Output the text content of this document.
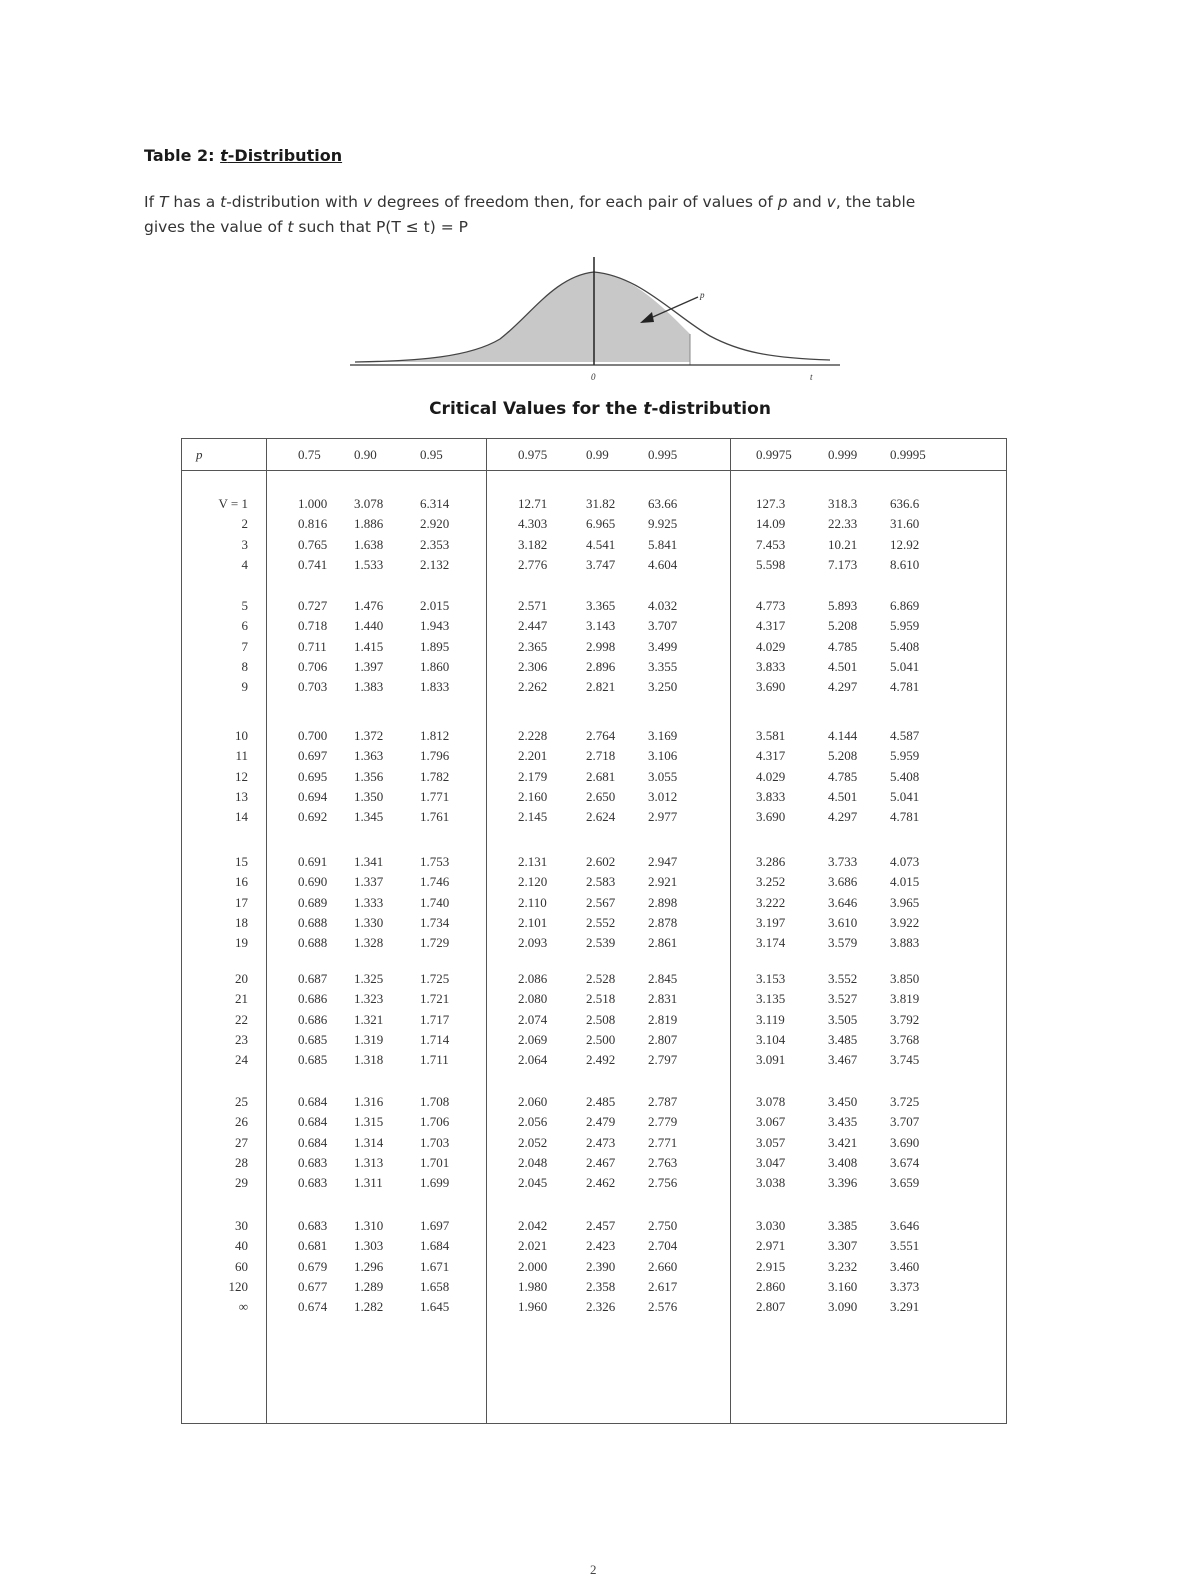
Table 2: t-Distribution
If T has a t-distribution with v degrees of freedom then, for each pair of values of p and v, the table
gives the value of t such that P(T ≤ t) = P
p
0	t
Critical Values for the t-distribution
p	0.75	0.90	0.95	0.975	0.99	0.995	0.9975	0.999	0.9995
V = 1	1.000 3.078	6.314	12.71	31.82	63.66	127.3	318.3	636.6
2	0.816 1.886	2.920	4.303	6.965	9.925	14.09	22.33	31.60
3	0.765 1.638	2.353	3.182	4.541	5.841	7.453	10.21	12.92
4	0.741 1.533	2.132	2.776	3.747	4.604	5.598	7.173	8.610
5	0.727 1.476	2.015	2.571	3.365	4.032	4.773	5.893	6.869
6	0.718 1.440	1.943	2.447	3.143	3.707	4.317	5.208	5.959
7	0.711 1.415	1.895	2.365	2.998	3.499	4.029	4.785	5.408
8	0.706 1.397	1.860	2.306	2.896	3.355	3.833	4.501	5.041
9	0.703 1.383	1.833	2.262	2.821	3.250	3.690	4.297	4.781
10	0.700 1.372	1.812	2.228	2.764	3.169	3.581	4.144	4.587
11	0.697 1.363	1.796	2.201	2.718	3.106	4.317	5.208	5.959
12	0.695 1.356	1.782	2.179	2.681	3.055	4.029	4.785	5.408
13	0.694 1.350	1.771	2.160	2.650	3.012	3.833	4.501	5.041
14	0.692 1.345	1.761	2.145	2.624	2.977	3.690	4.297	4.781
15	0.691 1.341	1.753	2.131	2.602	2.947	3.286	3.733	4.073
16	0.690 1.337	1.746	2.120	2.583	2.921	3.252	3.686	4.015
17	0.689 1.333	1.740	2.110	2.567	2.898	3.222	3.646	3.965
18	0.688 1.330	1.734	2.101	2.552	2.878	3.197	3.610	3.922
19	0.688 1.328	1.729	2.093	2.539	2.861	3.174	3.579	3.883
20	0.687 1.325	1.725	2.086	2.528	2.845	3.153	3.552	3.850
21	0.686 1.323	1.721	2.080	2.518	2.831	3.135	3.527	3.819
22	0.686 1.321	1.717	2.074	2.508	2.819	3.119	3.505	3.792
23	0.685 1.319	1.714	2.069	2.500	2.807	3.104	3.485	3.768
24	0.685 1.318	1.711	2.064	2.492	2.797	3.091	3.467	3.745
25	0.684 1.316	1.708	2.060	2.485	2.787	3.078	3.450	3.725
26	0.684 1.315	1.706	2.056	2.479	2.779	3.067	3.435	3.707
27	0.684 1.314	1.703	2.052	2.473	2.771	3.057	3.421	3.690
28	0.683 1.313	1.701	2.048	2.467	2.763	3.047	3.408	3.674
29	0.683 1.311	1.699	2.045	2.462	2.756	3.038	3.396	3.659
30	0.683 1.310	1.697	2.042	2.457	2.750	3.030	3.385	3.646
40	0.681 1.303	1.684	2.021	2.423	2.704	2.971	3.307	3.551
60	0.679 1.296	1.671	2.000	2.390	2.660	2.915	3.232	3.460
120	0.677 1.289	1.658	1.980	2.358	2.617	2.860	3.160	3.373
∞	0.674 1.282	1.645	1.960	2.326	2.576	2.807	3.090	3.291
2
